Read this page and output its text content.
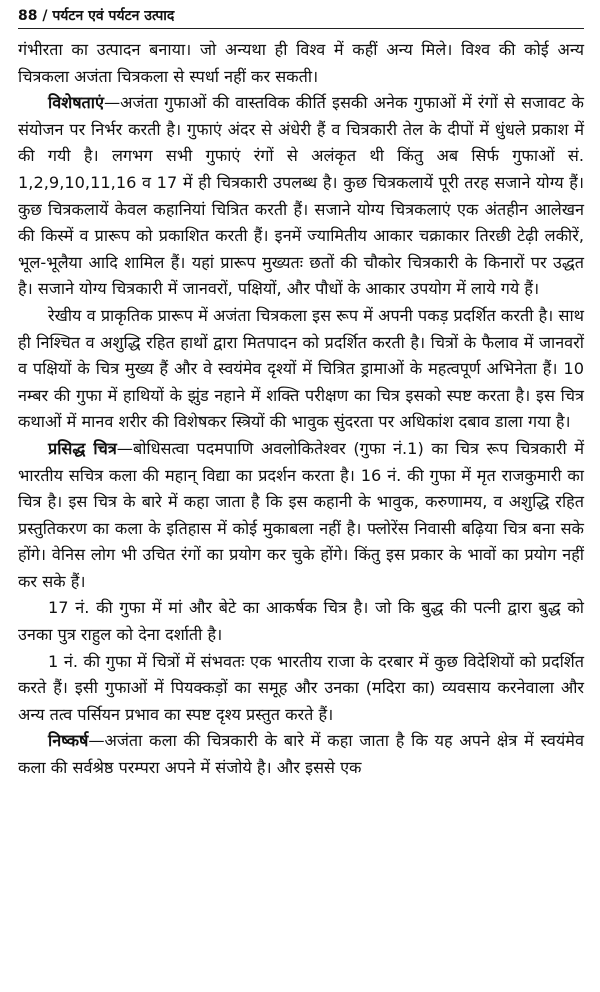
88 / पर्यटन एवं पर्यटन उत्पाद

गंभीरता का उत्पादन बनाया। जो अन्यथा ही विश्व में कहीं अन्य मिले। विश्व की कोई अन्य चित्रकला अजंता चित्रकला से स्पर्धा नहीं कर सकती।

विशेषताएं—अजंता गुफाओं की वास्तविक कीर्ति इसकी अनेक गुफाओं में रंगों से सजावट के संयोजन पर निर्भर करती है। गुफाएं अंदर से अंधेरी हैं व चित्रकारी तेल के दीपों में धुंधले प्रकाश में की गयी है। लगभग सभी गुफाएं रंगों से अलंकृत थी किंतु अब सिर्फ गुफाओं सं. 1,2,9,10,11,16 व 17 में ही चित्रकारी उपलब्ध है। कुछ चित्रकलायें पूरी तरह सजाने योग्य हैं। कुछ चित्रकलायें केवल कहानियां चित्रित करती हैं। सजाने योग्य चित्रकलाएं एक अंतहीन आलेखन की किस्में व प्रारूप को प्रकाशित करती हैं। इनमें ज्यामितीय आकार चक्राकार तिरछी टेढ़ी लकीरें, भूल-भूलैया आदि शामिल हैं। यहां प्रारूप मुख्यतः छतों की चौकोर चित्रकारी के किनारों पर उद्धत है। सजाने योग्य चित्रकारी में जानवरों, पक्षियों, और पौधों के आकार उपयोग में लाये गये हैं।

रेखीय व प्राकृतिक प्रारूप में अजंता चित्रकला इस रूप में अपनी पकड़ प्रदर्शित करती है। साथ ही निश्चित व अशुद्धि रहित हाथों द्वारा मितपादन को प्रदर्शित करती है। चित्रों के फैलाव में जानवरों व पक्षियों के चित्र मुख्य हैं और वे स्वयंमेव दृश्यों में चित्रित ड्रामाओं के महत्वपूर्ण अभिनेता हैं। 10 नम्बर की गुफा में हाथियों के झुंड नहाने में शक्ति परीक्षण का चित्र इसको स्पष्ट करता है। इस चित्र कथाओं में मानव शरीर की विशेषकर स्त्रियों की भावुक सुंदरता पर अधिकांश दबाव डाला गया है।

प्रसिद्ध चित्र—बोधिसत्वा पदमपाणि अवलोकितेश्वर (गुफा नं.1) का चित्र रूप चित्रकारी में भारतीय सचित्र कला की महान् विद्या का प्रदर्शन करता है। 16 नं. की गुफा में मृत राजकुमारी का चित्र है। इस चित्र के बारे में कहा जाता है कि इस कहानी के भावुक, करुणामय, व अशुद्धि रहित प्रस्तुतिकरण का कला के इतिहास में कोई मुकाबला नहीं है। फ्लोरेंस निवासी बढ़िया चित्र बना सके होंगे। वेनिस लोग भी उचित रंगों का प्रयोग कर चुके होंगे। किंतु इस प्रकार के भावों का प्रयोग नहीं कर सके हैं।

17 नं. की गुफा में मां और बेटे का आकर्षक चित्र है। जो कि बुद्ध की पत्नी द्वारा बुद्ध को उनका पुत्र राहुल को देना दर्शाती है।

1 नं. की गुफा में चित्रों में संभवतः एक भारतीय राजा के दरबार में कुछ विदेशियों को प्रदर्शित करते हैं। इसी गुफाओं में पियक्कड़ों का समूह और उनका (मदिरा का) व्यवसाय करनेवाला और अन्य तत्व पर्सियन प्रभाव का स्पष्ट दृश्य प्रस्तुत करते हैं।

निष्कर्ष—अजंता कला की चित्रकारी के बारे में कहा जाता है कि यह अपने क्षेत्र में स्वयंमेव कला की सर्वश्रेष्ठ परम्परा अपने में संजोये है। और इससे एक
